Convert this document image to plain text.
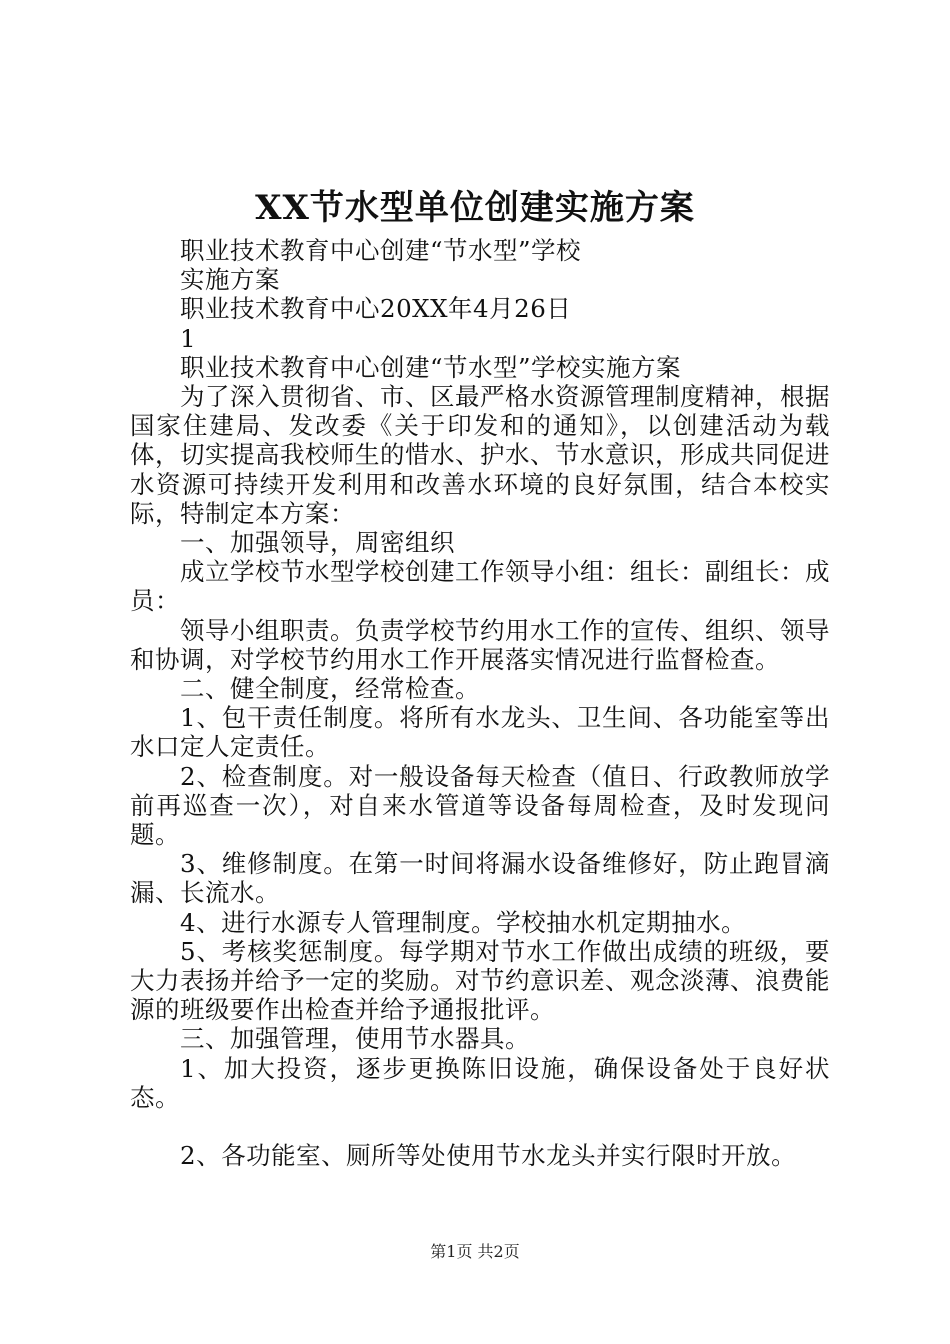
XX节水型单位创建实施方案

职业技术教育中心创建“节水型”学校

实施方案

职业技术教育中心20XX年4月26日

1

职业技术教育中心创建“节水型”学校实施方案

为了深入贯彻省、市、区最严格水资源管理制度精神，根据国家住建局、发改委《关于印发和的通知》，以创建活动为载体，切实提高我校师生的惜水、护水、节水意识，形成共同促进水资源可持续开发利用和改善水环境的良好氛围，结合本校实际，特制定本方案：

一、加强领导，周密组织

成立学校节水型学校创建工作领导小组：组长：副组长：成员：

领导小组职责。负责学校节约用水工作的宣传、组织、领导和协调，对学校节约用水工作开展落实情况进行监督检查。

二、健全制度，经常检查。

1、包干责任制度。将所有水龙头、卫生间、各功能室等出水口定人定责任。

2、检查制度。对一般设备每天检查（值日、行政教师放学前再巡查一次），对自来水管道等设备每周检查，及时发现问题。

3、维修制度。在第一时间将漏水设备维修好，防止跑冒滴漏、长流水。

4、进行水源专人管理制度。学校抽水机定期抽水。

5、考核奖惩制度。每学期对节水工作做出成绩的班级，要大力表扬并给予一定的奖励。对节约意识差、观念淡薄、浪费能源的班级要作出检查并给予通报批评。

三、加强管理，使用节水器具。

1、加大投资，逐步更换陈旧设施，确保设备处于良好状态。

2、各功能室、厕所等处使用节水龙头并实行限时开放。

第1页 共2页
